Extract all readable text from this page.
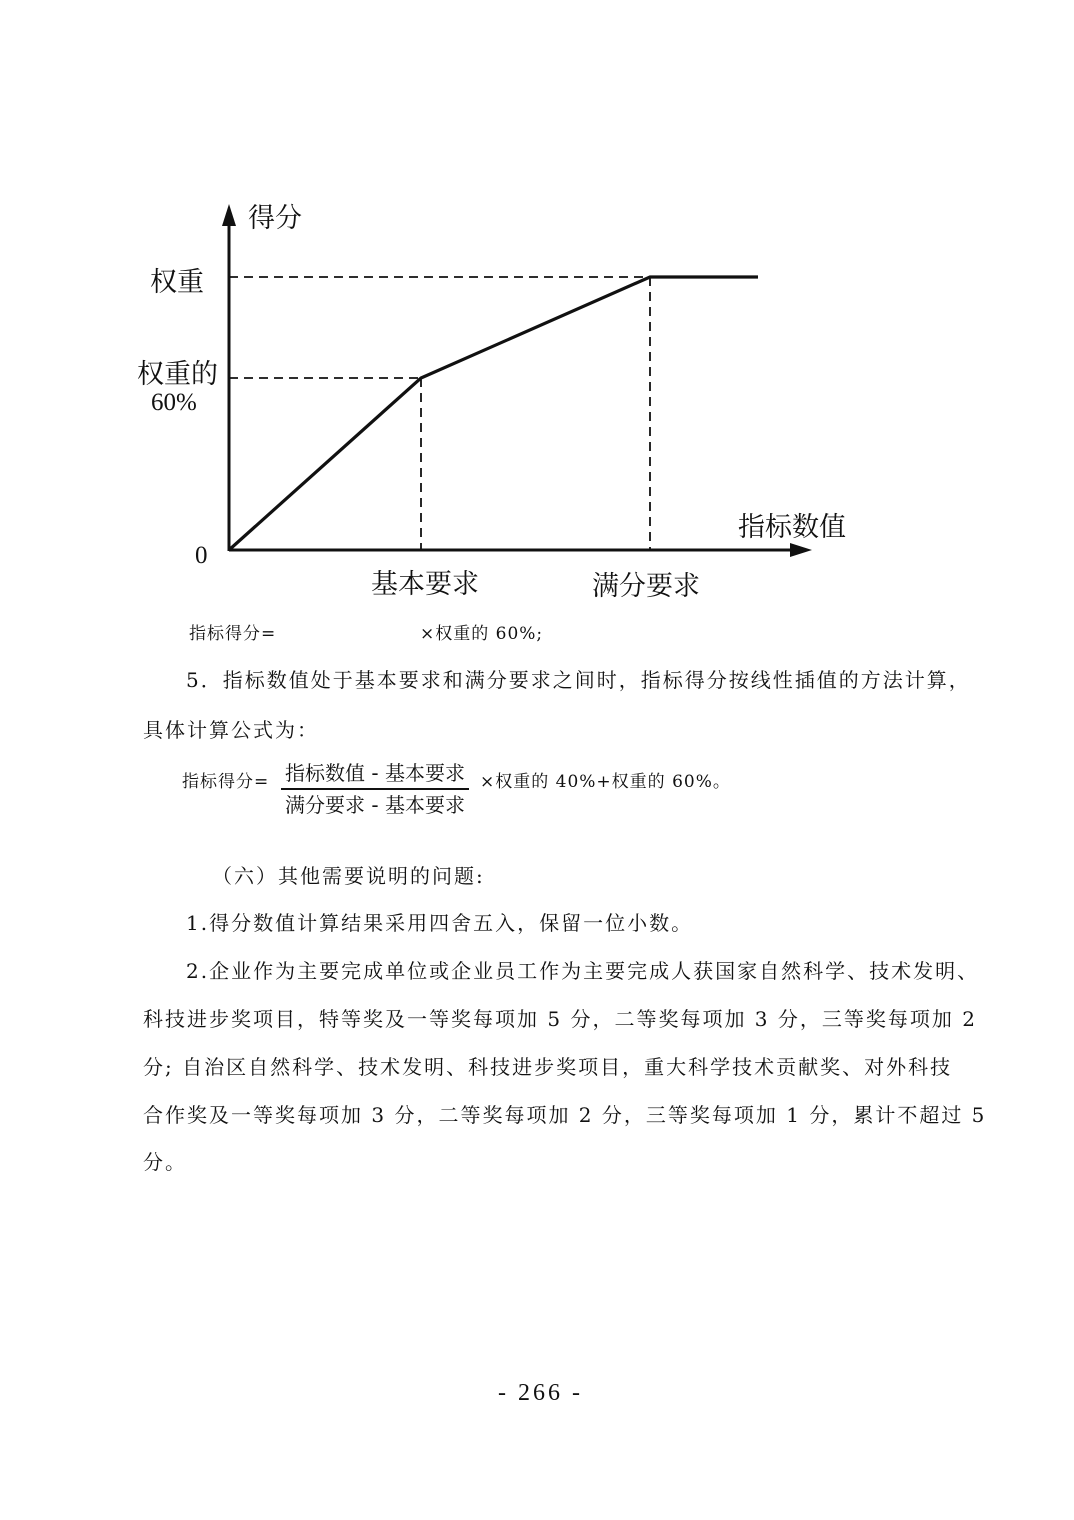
得分
权重
权重的
60%
指标数值
0
基本要求	满分要求
指标得分=	×权重的 60%;
5．指标数值处于基本要求和满分要求之间时，指标得分按线性插值的方法计算，
具体计算公式为：
指标得分= 指标数值 - 基本要求
满分要求 - 基本要求
×权重的 40%+权重的 60%。
（六）其他需要说明的问题:
1.得分数值计算结果采用四舍五入，保留一位小数。
2.企业作为主要完成单位或企业员工作为主要完成人获国家自然科学、技术发明、
科技进步奖项目，特等奖及一等奖每项加 5 分，二等奖每项加 3 分，三等奖每项加 2
分; 自治区自然科学、技术发明、科技进步奖项目，重大科学技术贡献奖、对外科技
合作奖及一等奖每项加 3 分，二等奖每项加 2 分，三等奖每项加 1 分，累计不超过 5
分。
- 266 -
